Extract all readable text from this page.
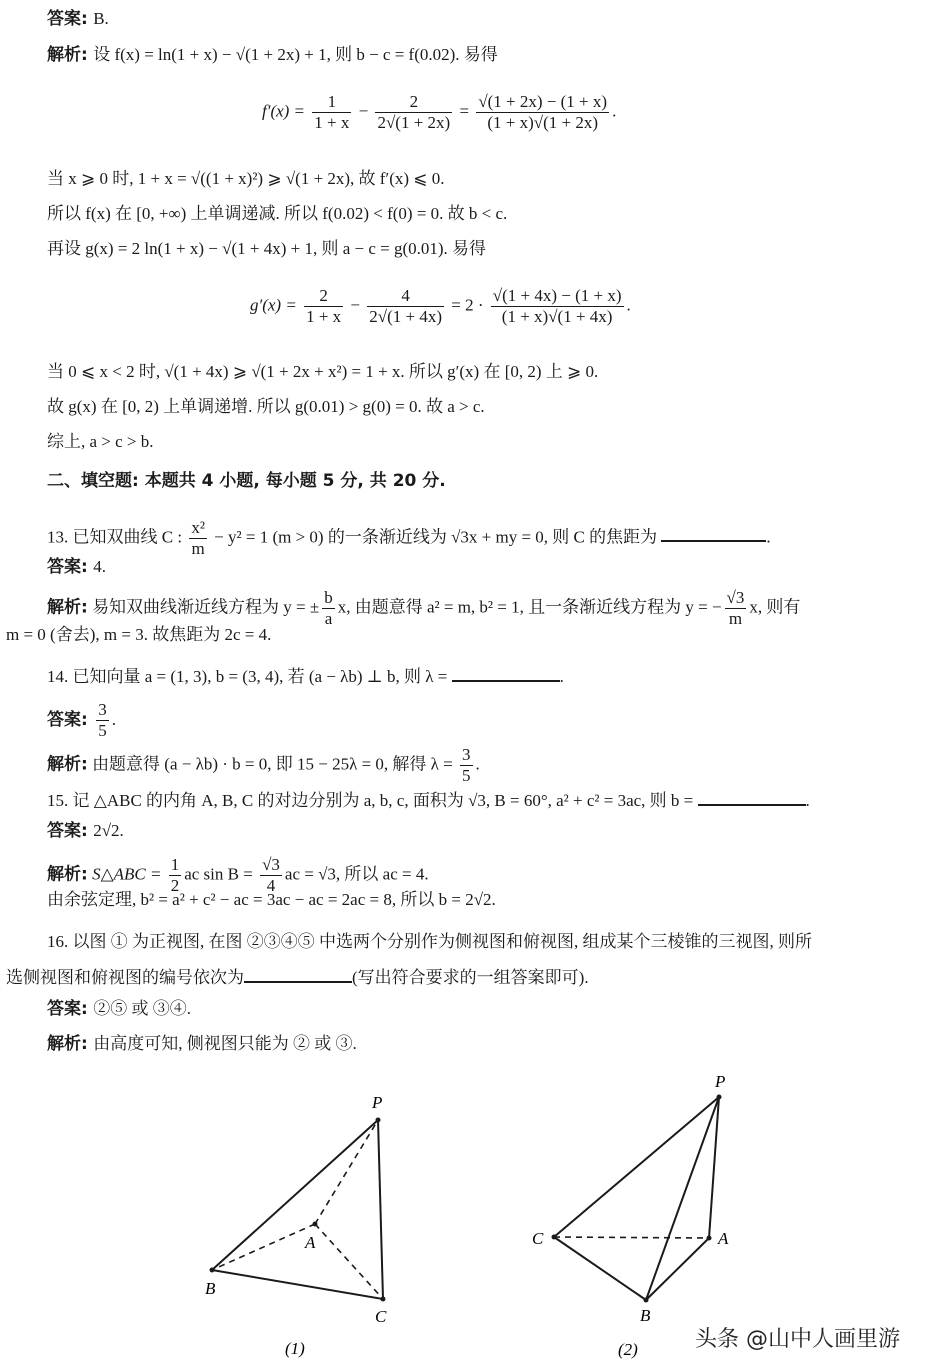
答案: B.
解析: 设 f(x) = ln(1 + x) − √(1 + 2x) + 1, 则 b − c = f(0.02). 易得
$f'(x) = \frac{1}{1 + x} - \frac{2}{2√(1 + 2x)} = \frac{√(1 + 2x) - (1 + x)}{(1 + x)√(1 + 2x)}$ .
当 x ⩾ 0 时, 1 + x = √((1 + x)²) ⩾ √(1 + 2x), 故 f′(x) ⩽ 0.
所以 f(x) 在 [0, +∞) 上单调递减. 所以 f(0.02) < f(0) = 0. 故 b < c.
再设 g(x) = 2 ln(1 + x) − √(1 + 4x) + 1, 则 a − c = g(0.01). 易得
$g'(x) = \frac{2}{1 + x} - \frac{4}{2√(1 + 4x)} = 2 \cdot \frac{√(1 + 4x) - (1 + x)}{(1 + x)√(1 + 4x)}$ .
当 0 ⩽ x < 2 时, √(1 + 4x) ⩾ √(1 + 2x + x²) = 1 + x. 所以 g′(x) 在 [0, 2) 上 ⩾ 0.
故 g(x) 在 [0, 2) 上单调递增. 所以 g(0.01) > g(0) = 0. 故 a > c.
综上, a > c > b.
二、填空题: 本题共 4 小题, 每小题 5 分, 共 20 分.
13. 已知双曲线 C : $\frac{\text{x²}}{m} - y^2 = 1$ (m > 0) 的一条渐近线为 √3x + my = 0, 则 C 的焦距为	.
答案: 4.
解析: 易知双曲线渐近线方程为 y = ± $\frac{b}{a} x$, 由题意得 a² = m, b² = 1, 且一条渐近线方程为 y = − $\frac{√3}{m} x$, 则有
m = 0 (舍去), m = 3. 故焦距为 2c = 4.
14. 已知向量 a = (1, 3), b = (3, 4), 若 (a − λb) ⊥ b, 则 λ =	.
答案: $\frac{3}{5}$ .
解析: 由题意得 (a − λb) · b = 0, 即 15 − 25λ = 0, 解得 $\lambda = \frac{3}{5}$ .
15. 记 △ABC 的内角 A, B, C 的对边分别为 a, b, c, 面积为 √3, B = 60°, a² + c² = 3ac, 则 b =	.
答案: 2√2.
解析: S△ABC = $\frac{1}{2}$ ac $\sin B = \frac{√3}{4}$ ac = √3, 所以 ac = 4.
由余弦定理, b² = a² + c² − ac = 3ac − ac = 2ac = 8, 所以 b = 2√2.
16. 以图 ① 为正视图, 在图 ②③④⑤ 中选两个分别作为侧视图和俯视图, 组成某个三棱锥的三视图, 则所
选侧视图和俯视图的编号依次为	(写出符合要求的一组答案即可).
答案: ②⑤ 或 ③④.
解析: 由高度可知, 侧视图只能为 ② 或 ③.
P
A
B
C
(1)
P
C	A
B
(2)	头条 @山中人画里游
